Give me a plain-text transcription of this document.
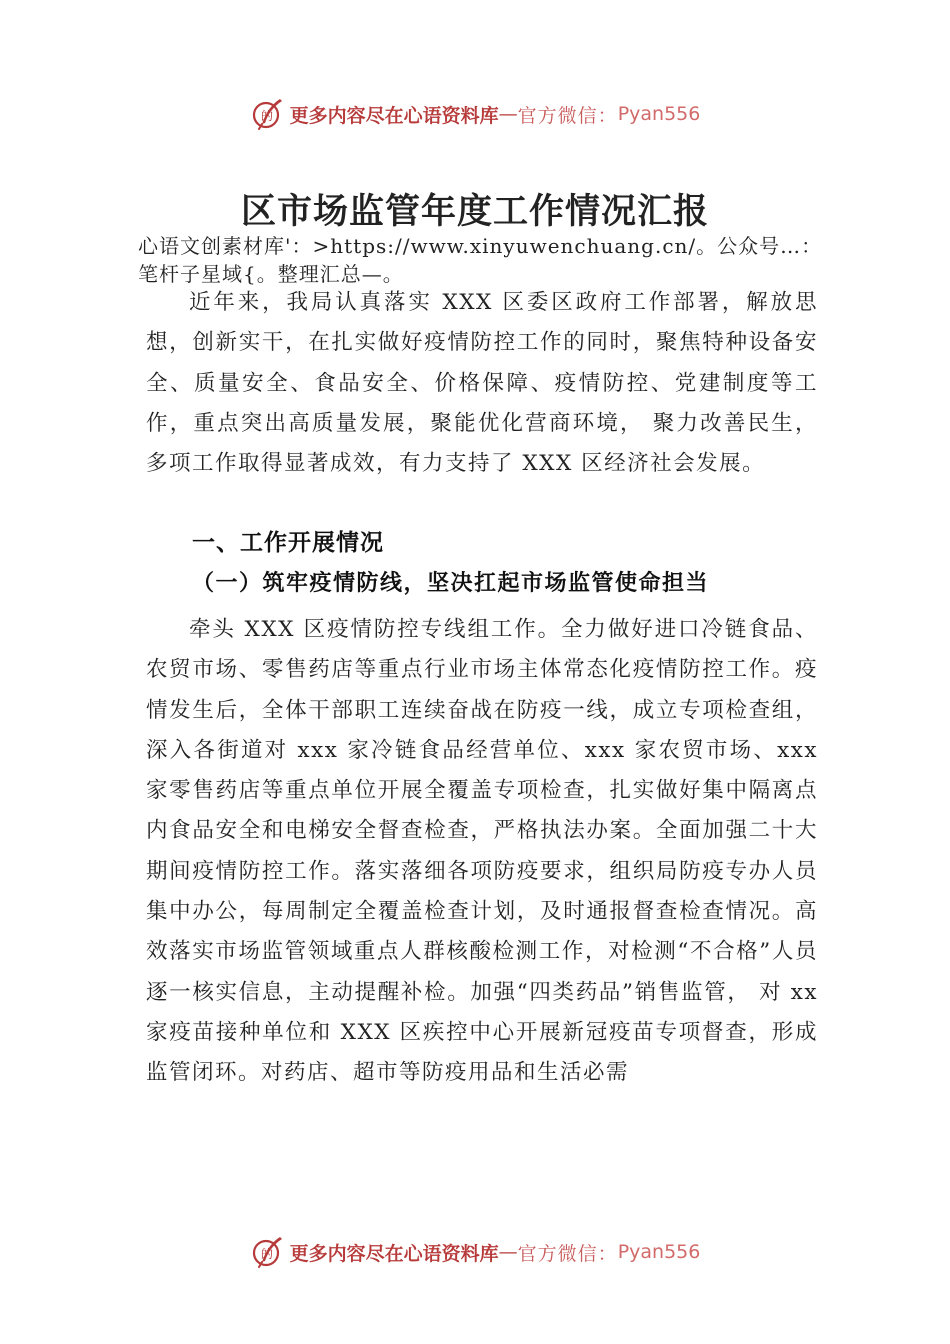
的 更多内容尽在心语资料库 — 官方微信： Pyan556
区市场监管年度工作情况汇报

心语文创素材库'：>https://www.xinyuwenchuang.cn/。公众号…：笔杆子星域{。整理汇总—。

近年来，我局认真落实 XXX 区委区政府工作部署，解放思想，创新实干，在扎实做好疫情防控工作的同时，聚焦特种设备安全、质量安全、食品安全、价格保障、疫情防控、党建制度等工作，重点突出高质量发展，聚能优化营商环境， 聚力改善民生，多项工作取得显著成效，有力支持了 XXX 区经济社会发展。

一、工作开展情况
（一）筑牢疫情防线，坚决扛起市场监管使命担当

牵头 XXX 区疫情防控专线组工作。全力做好进口冷链食品、农贸市场、零售药店等重点行业市场主体常态化疫情防控工作。疫情发生后，全体干部职工连续奋战在防疫一线，成立专项检查组，深入各街道对 xxx 家冷链食品经营单位、xxx 家农贸市场、xxx 家零售药店等重点单位开展全覆盖专项检查，扎实做好集中隔离点内食品安全和电梯安全督查检查，严格执法办案。全面加强二十大期间疫情防控工作。落实落细各项防疫要求，组织局防疫专办人员集中办公，每周制定全覆盖检查计划，及时通报督查检查情况。高效落实市场监管领域重点人群核酸检测工作，对检测“不合格”人员逐一核实信息，主动提醒补检。加强“四类药品”销售监管， 对 xx 家疫苗接种单位和 XXX 区疾控中心开展新冠疫苗专项督查，形成监管闭环。对药店、超市等防疫用品和生活必需

的 更多内容尽在心语资料库 — 官方微信： Pyan556
